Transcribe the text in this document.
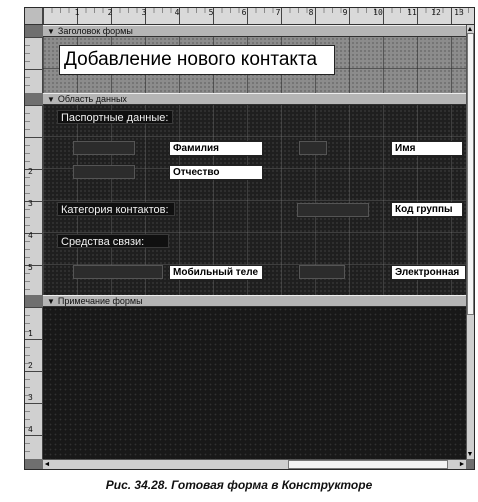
1	2	3	4	5	6	7	8	9	10	11 12 13
▼ Заголовок формы
Добавление нового контакта
▼ Область данных
2
3
4
5
Паспортные данные:
Фамилия	Имя
Отчество
Категория контактов:	Код группы
Средства связи:
Мобильный теле	Электронная
▼ Примечание формы
1
2
3
4
▲
▼
◄	►
Рис. 34.28. Готовая форма в Конструкторе
